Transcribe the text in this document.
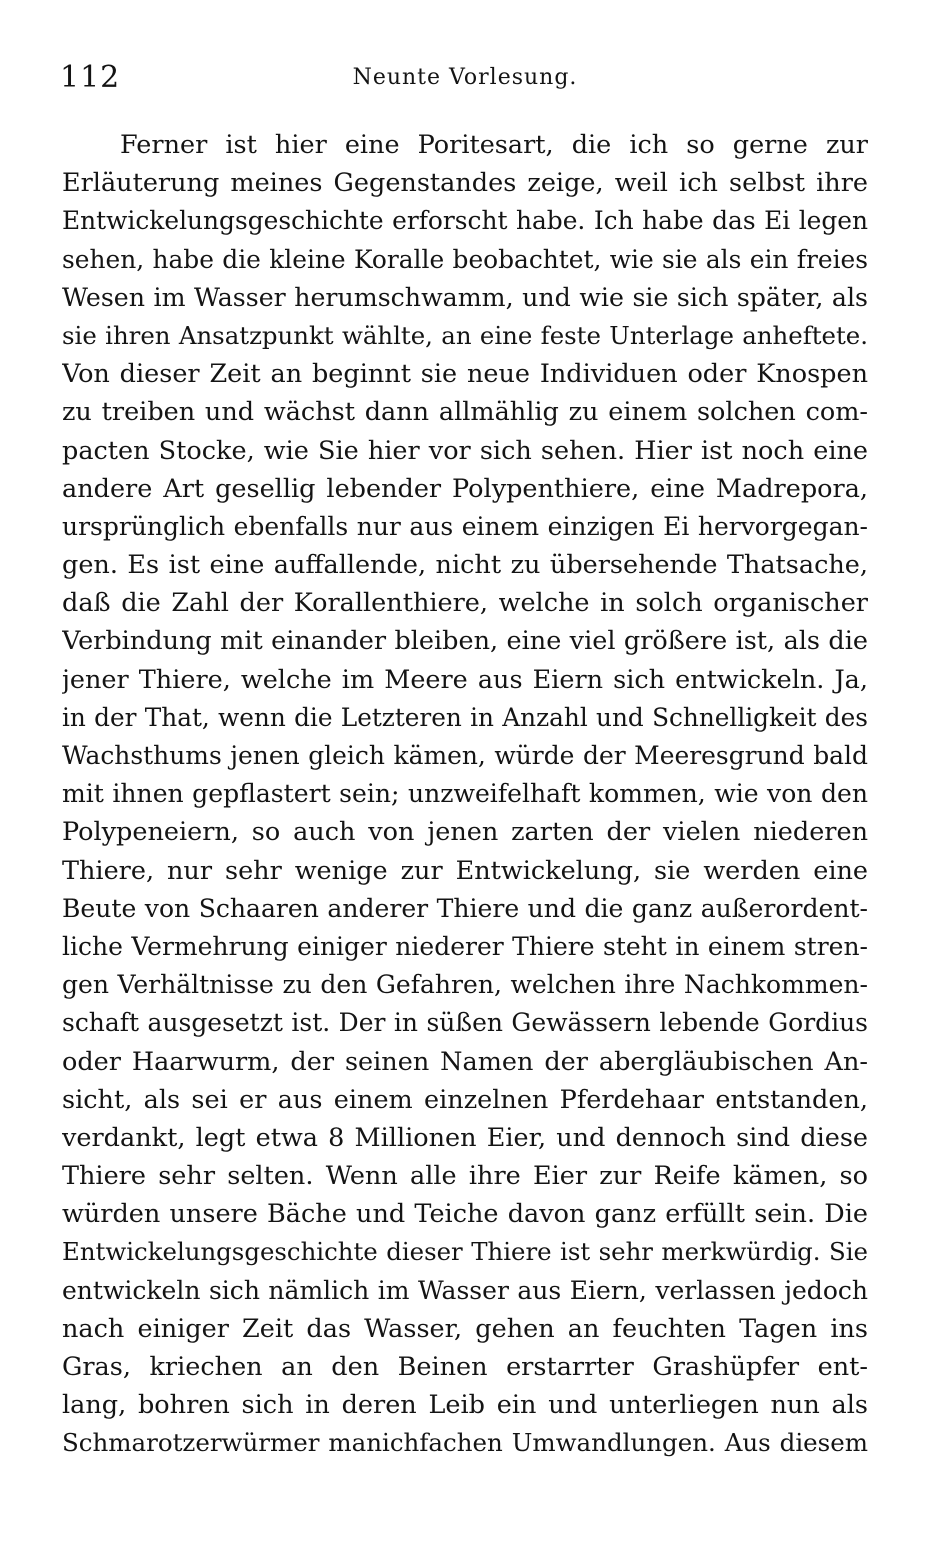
112	Neunte Vorlesung.
Ferner ist hier eine Poritesart, die ich so gerne zur
Erläuterung meines Gegenstandes zeige, weil ich selbst ihre
Entwickelungsgeschichte erforscht habe. Ich habe das Ei legen
sehen, habe die kleine Koralle beobachtet, wie sie als ein freies
Wesen im Wasser herumschwamm, und wie sie sich später, als
sie ihren Ansatzpunkt wählte, an eine feste Unterlage anheftete.
Von dieser Zeit an beginnt sie neue Individuen oder Knospen
zu treiben und wächst dann allmählig zu einem solchen com-
pacten Stocke, wie Sie hier vor sich sehen. Hier ist noch eine
andere Art gesellig lebender Polypenthiere, eine Madrepora,
ursprünglich ebenfalls nur aus einem einzigen Ei hervorgegan-
gen. Es ist eine auffallende, nicht zu übersehende Thatsache,
daß die Zahl der Korallenthiere, welche in solch organischer
Verbindung mit einander bleiben, eine viel größere ist, als die
jener Thiere, welche im Meere aus Eiern sich entwickeln. Ja,
in der That, wenn die Letzteren in Anzahl und Schnelligkeit des
Wachsthums jenen gleich kämen, würde der Meeresgrund bald
mit ihnen gepflastert sein; unzweifelhaft kommen, wie von den
Polypeneiern, so auch von jenen zarten der vielen niederen
Thiere, nur sehr wenige zur Entwickelung, sie werden eine
Beute von Schaaren anderer Thiere und die ganz außerordent-
liche Vermehrung einiger niederer Thiere steht in einem stren-
gen Verhältnisse zu den Gefahren, welchen ihre Nachkommen-
schaft ausgesetzt ist. Der in süßen Gewässern lebende Gordius
oder Haarwurm, der seinen Namen der abergläubischen An-
sicht, als sei er aus einem einzelnen Pferdehaar entstanden,
verdankt, legt etwa 8 Millionen Eier, und dennoch sind diese
Thiere sehr selten. Wenn alle ihre Eier zur Reife kämen, so
würden unsere Bäche und Teiche davon ganz erfüllt sein. Die
Entwickelungsgeschichte dieser Thiere ist sehr merkwürdig. Sie
entwickeln sich nämlich im Wasser aus Eiern, verlassen jedoch
nach einiger Zeit das Wasser, gehen an feuchten Tagen ins
Gras, kriechen an den Beinen erstarrter Grashüpfer ent-
lang, bohren sich in deren Leib ein und unterliegen nun als
Schmarotzerwürmer manichfachen Umwandlungen. Aus diesem
